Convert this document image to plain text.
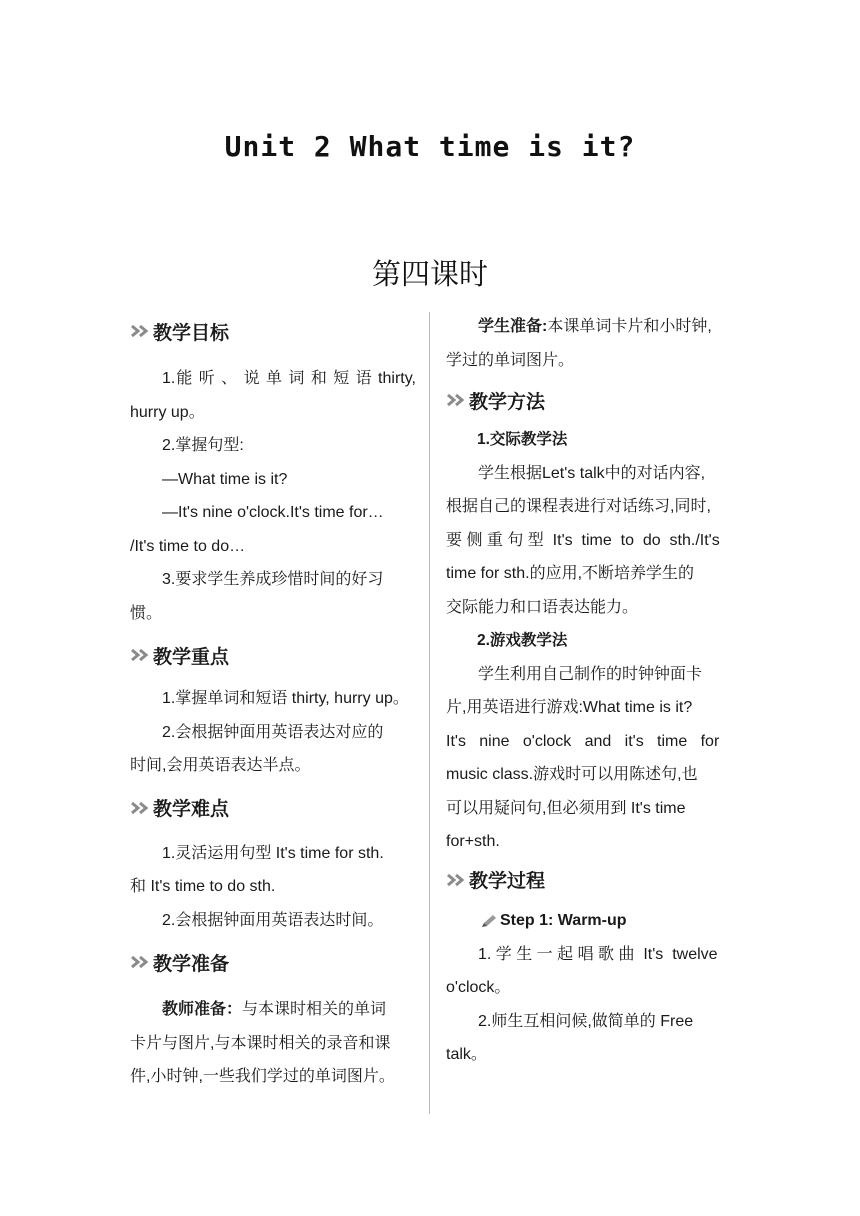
Unit 2 What time is it?
第四课时
教学目标

1.能 听 、 说 单 词 和 短 语 thirty,

hurry up。

2.掌握句型:

—What time is it?

—It's nine o'clock.It's time for…

/It's time to do…

3.要求学生养成珍惜时间的好习

惯。

教学重点

1.掌握单词和短语 thirty, hurry up。

2.会根据钟面用英语表达对应的

时间,会用英语表达半点。

教学难点

1.灵活运用句型 It's time for sth.

和 It's time to do sth.

2.会根据钟面用英语表达时间。

教学准备

教师准备：与本课时相关的单词

卡片与图片,与本课时相关的录音和课

件,小时钟,一些我们学过的单词图片。

学生准备:本课单词卡片和小时钟,

学过的单词图片。

教学方法

1.交际教学法

学生根据Let's talk中的对话内容,

根据自己的课程表进行对话练习,同时,

要 侧 重 句 型  It's  time  to  do  sth./It's

time for sth.的应用,不断培养学生的

交际能力和口语表达能力。

2.游戏教学法

学生利用自己制作的时钟钟面卡

片,用英语进行游戏:What time is it?

It's   nine   o'clock   and   it's   time   for

music class.游戏时可以用陈述句,也

可以用疑问句,但必须用到 It's time

for+sth.

教学过程
Step 1: Warm-up

1. 学 生 一 起 唱 歌 曲  It's  twelve

o'clock。

2.师生互相问候,做简单的 Free

talk。
